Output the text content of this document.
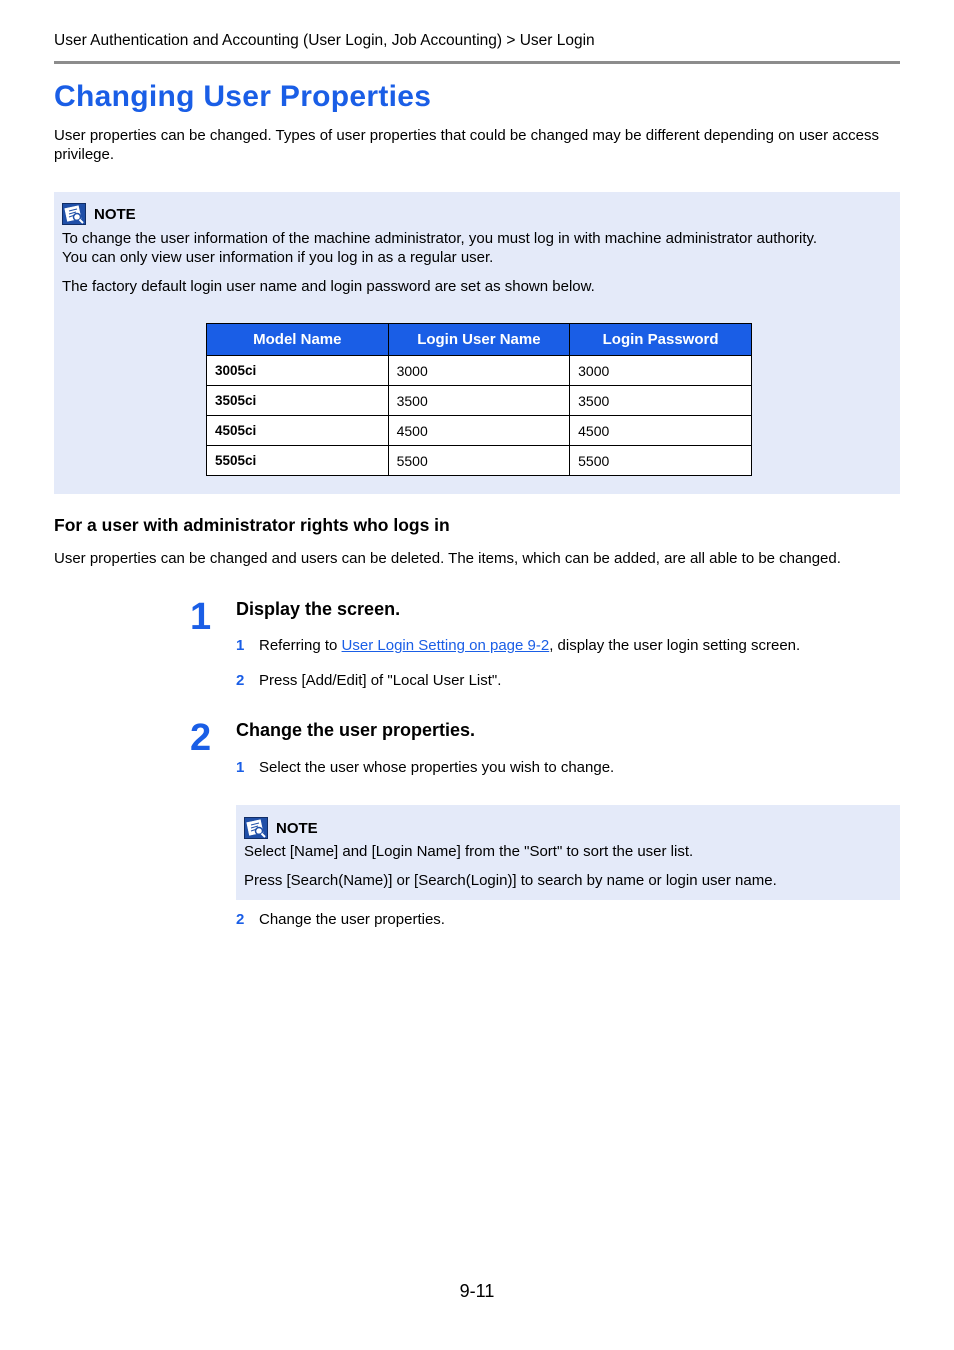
User Authentication and Accounting (User Login, Job Accounting) > User Login
Changing User Properties
User properties can be changed. Types of user properties that could be changed may be different depending on user access privilege.
NOTE
To change the user information of the machine administrator, you must log in with machine administrator authority.
You can only view user information if you log in as a regular user.
The factory default login user name and login password are set as shown below.
Model Name	Login User Name	Login Password
3005ci	3000	3000
3505ci	3500	3500
4505ci	4500	4500
5505ci	5500	5500
For a user with administrator rights who logs in
User properties can be changed and users can be deleted. The items, which can be added, are all able to be changed.
1 Display the screen.
1 Referring to User Login Setting on page 9-2, display the user login setting screen.
2 Press [Add/Edit] of "Local User List".
2 Change the user properties.
1 Select the user whose properties you wish to change.
NOTE
Select [Name] and [Login Name] from the "Sort" to sort the user list.
Press [Search(Name)] or [Search(Login)] to search by name or login user name.
2 Change the user properties.
9-11
